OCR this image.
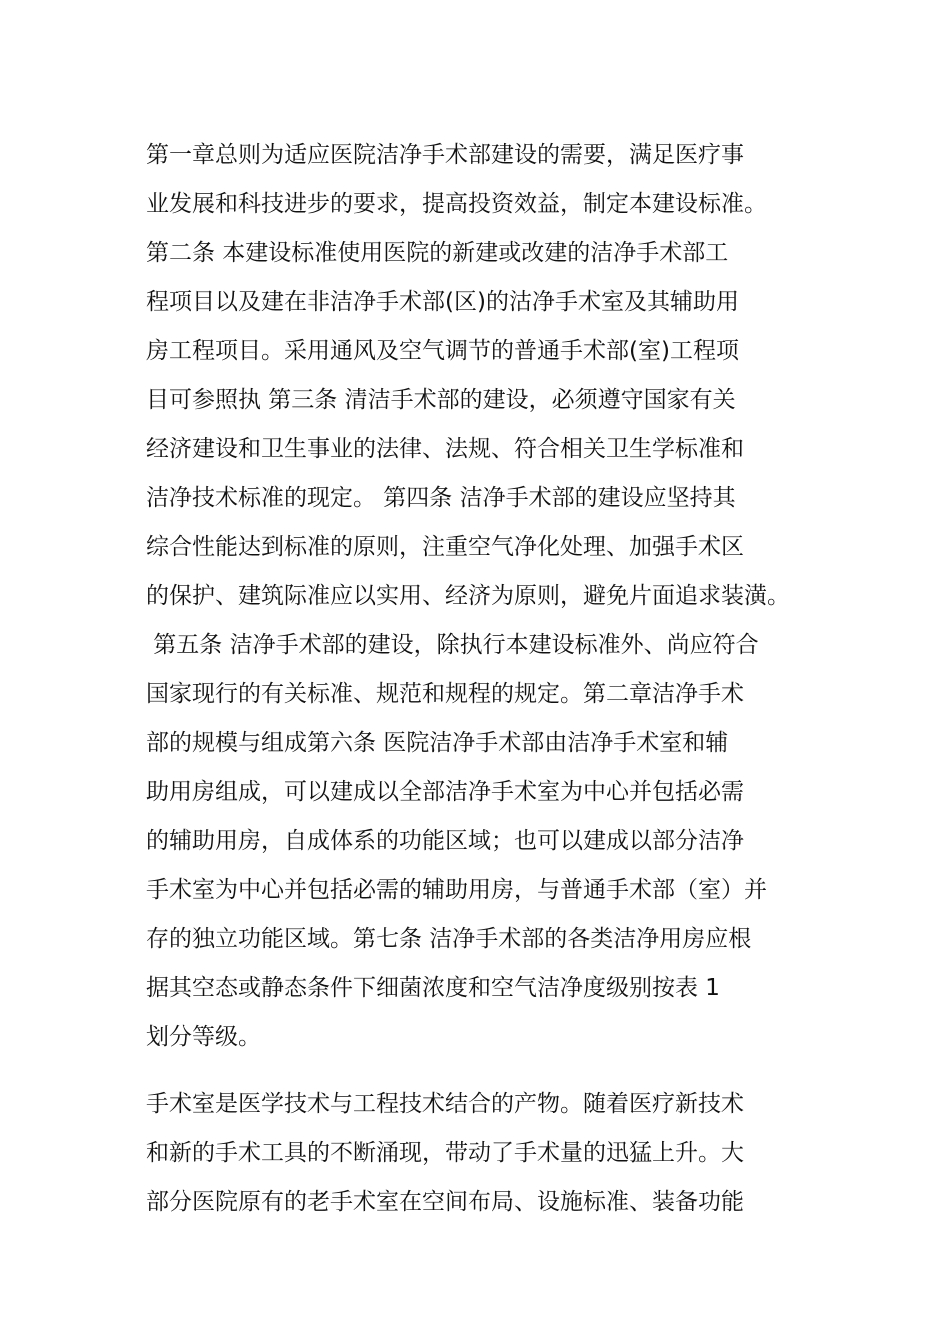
第一章总则为适应医院洁净手术部建设的需要，满足医疗事
业发展和科技进步的要求，提高投资效益，制定本建设标准。
第二条 本建设标准使用医院的新建或改建的洁净手术部工
程项目以及建在非洁净手术部(区)的沽净手术室及其辅助用
房工程项目。采用通风及空气调节的普通手术部(室)工程项
目可参照执 第三条 清洁手术部的建设，必须遵守国家有关
经济建设和卫生事业的法律、法规、符合相关卫生学标准和
洁净技术标准的现定。 第四条 洁净手术部的建设应坚持其
综合性能达到标准的原则，注重空气净化处理、加强手术区
的保护、建筑际准应以实用、经济为原则，避免片面追求装潢。
第五条 洁净手术部的建设，除执行本建设标准外、尚应符合
国家现行的有关标准、规范和规程的规定。第二章洁净手术
部的规模与组成第六条 医院洁净手术部由洁净手术室和辅
助用房组成，可以建成以全部洁净手术室为中心并包括必需
的辅助用房，自成体系的功能区域；也可以建成以部分洁净
手术室为中心并包括必需的辅助用房，与普通手术部（室）并
存的独立功能区域。第七条 洁净手术部的各类洁净用房应根
据其空态或静态条件下细菌浓度和空气洁净度级别按表 1
划分等级。
手术室是医学技术与工程技术结合的产物。随着医疗新技术
和新的手术工具的不断涌现，带动了手术量的迅猛上升。大
部分医院原有的老手术室在空间布局、设施标准、装备功能
